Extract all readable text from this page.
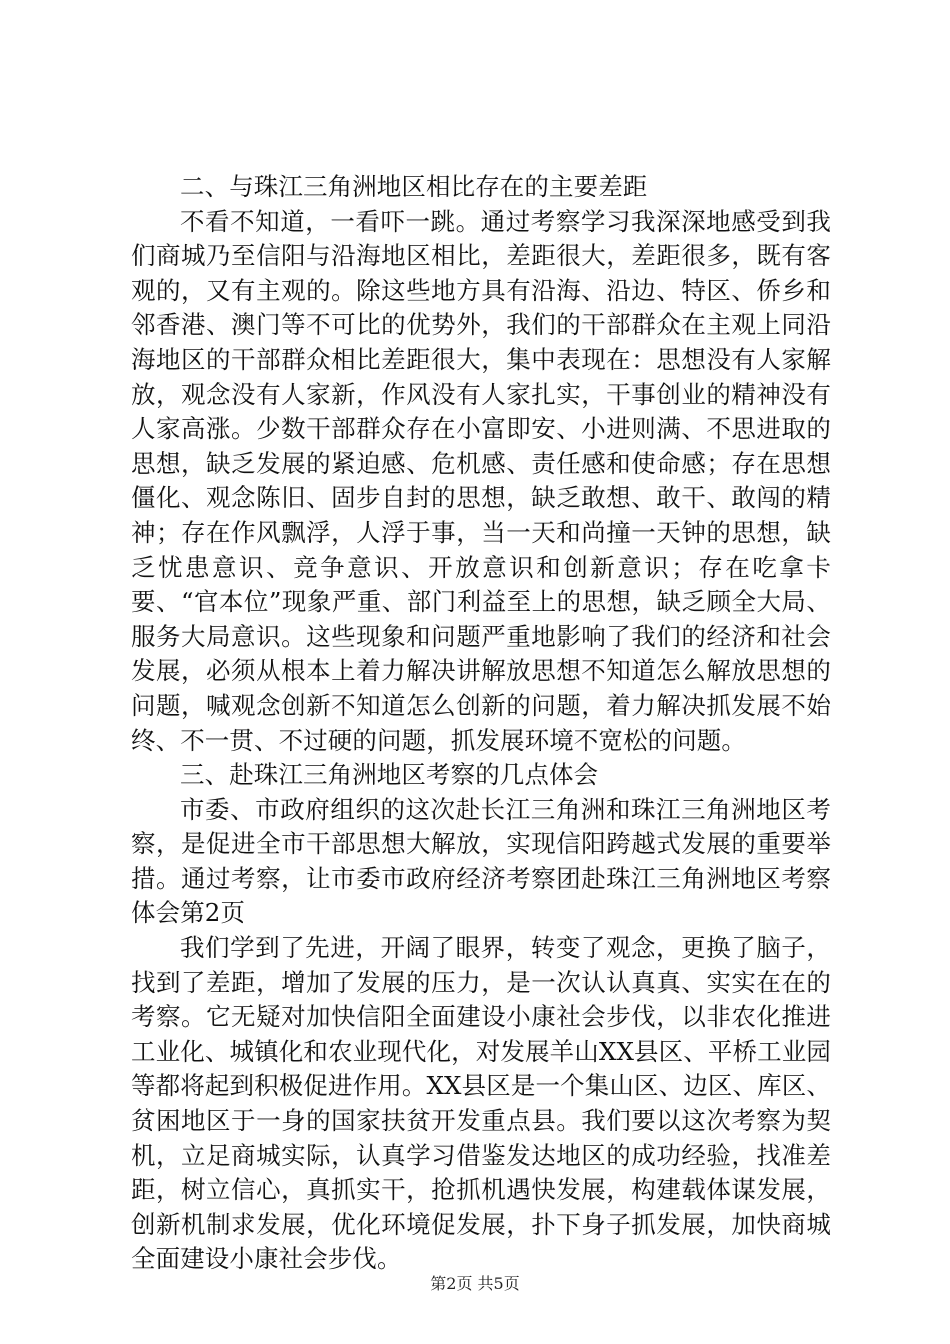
二、与珠江三角洲地区相比存在的主要差距

不看不知道，一看吓一跳。通过考察学习我深深地感受到我们商城乃至信阳与沿海地区相比，差距很大，差距很多，既有客观的，又有主观的。除这些地方具有沿海、沿边、特区、侨乡和邻香港、澳门等不可比的优势外，我们的干部群众在主观上同沿海地区的干部群众相比差距很大，集中表现在：思想没有人家解放，观念没有人家新，作风没有人家扎实，干事创业的精神没有人家高涨。少数干部群众存在小富即安、小进则满、不思进取的思想，缺乏发展的紧迫感、危机感、责任感和使命感；存在思想僵化、观念陈旧、固步自封的思想，缺乏敢想、敢干、敢闯的精神；存在作风飘浮，人浮于事，当一天和尚撞一天钟的思想，缺乏忧患意识、竞争意识、开放意识和创新意识；存在吃拿卡要、“官本位”现象严重、部门利益至上的思想，缺乏顾全大局、服务大局意识。这些现象和问题严重地影响了我们的经济和社会发展，必须从根本上着力解决讲解放思想不知道怎么解放思想的问题，喊观念创新不知道怎么创新的问题，着力解决抓发展不始终、不一贯、不过硬的问题，抓发展环境不宽松的问题。

三、赴珠江三角洲地区考察的几点体会

市委、市政府组织的这次赴长江三角洲和珠江三角洲地区考察，是促进全市干部思想大解放，实现信阳跨越式发展的重要举措。通过考察，让市委市政府经济考察团赴珠江三角洲地区考察体会第2页

我们学到了先进，开阔了眼界，转变了观念，更换了脑子，找到了差距，增加了发展的压力，是一次认认真真、实实在在的考察。它无疑对加快信阳全面建设小康社会步伐，以非农化推进工业化、城镇化和农业现代化，对发展羊山XX县区、平桥工业园等都将起到积极促进作用。XX县区是一个集山区、边区、库区、贫困地区于一身的国家扶贫开发重点县。我们要以这次考察为契机，立足商城实际，认真学习借鉴发达地区的成功经验，找准差距，树立信心，真抓实干，抢抓机遇快发展，构建载体谋发展，创新机制求发展，优化环境促发展，扑下身子抓发展，加快商城全面建设小康社会步伐。

第2页 共5页
